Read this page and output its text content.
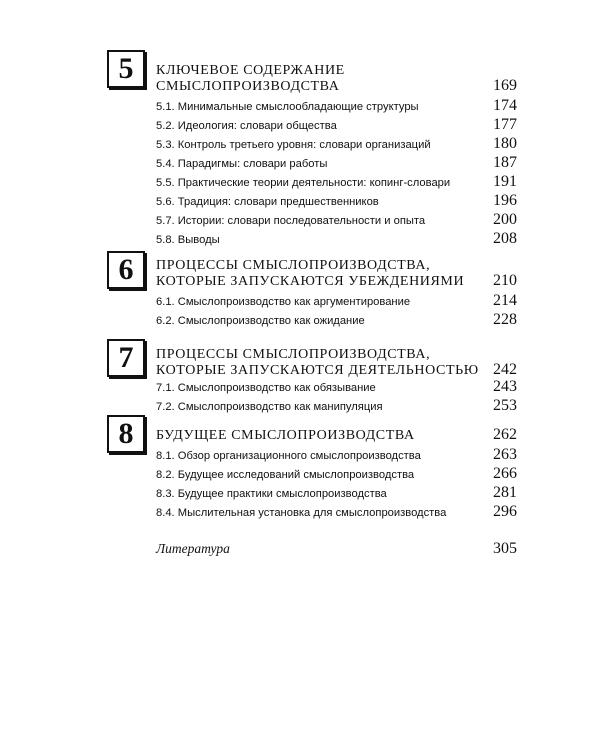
5	КЛЮЧЕВОЕ СОДЕРЖАНИЕ
СМЫСЛОПРОИЗВОДСТВА	169
5.1. Минимальные смыслообладающие структуры	174
5.2. Идеология: словари общества	177
5.3. Контроль третьего уровня: словари организаций	180
5.4. Парадигмы: словари работы	187
5.5. Практические теории деятельности: копинг-словари	191
5.6. Традиция: словари предшественников	196
5.7. Истории: словари последовательности и опыта	200
5.8. Выводы	208
6	ПРОЦЕССЫ СМЫСЛОПРОИЗВОДСТВА,
КОТОРЫЕ ЗАПУСКАЮТСЯ УБЕЖДЕНИЯМИ	210
6.1. Смыслопроизводство как аргументирование	214
6.2. Смыслопроизводство как ожидание	228
7	ПРОЦЕССЫ СМЫСЛОПРОИЗВОДСТВА,
КОТОРЫЕ ЗАПУСКАЮТСЯ ДЕЯТЕЛЬНОСТЬЮ 242
7.1. Смыслопроизводство как обязывание	243
7.2. Смыслопроизводство как манипуляция	253
8	БУДУЩЕЕ СМЫСЛОПРОИЗВОДСТВА	262
8.1. Обзор организационного смыслопроизводства	263
8.2. Будущее исследований смыслопроизводства	266
8.3. Будущее практики смыслопроизводства	281
8.4. Мыслительная установка для смыслопроизводства	296
Литература	305
